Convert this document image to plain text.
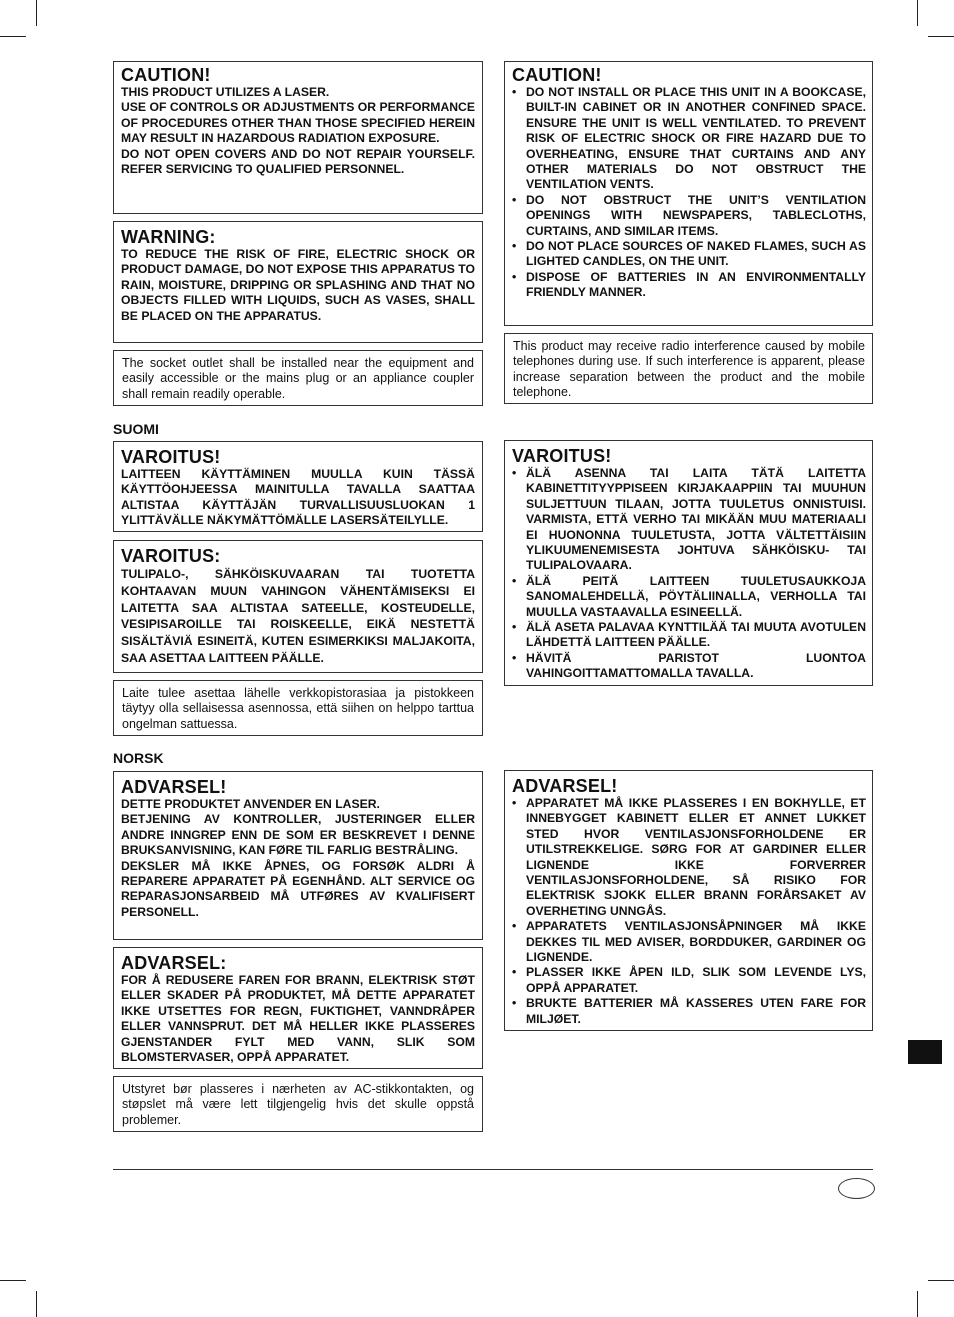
CAUTION!

THIS PRODUCT UTILIZES A LASER.

USE OF CONTROLS OR ADJUSTMENTS OR PERFORMANCE OF PROCEDURES OTHER THAN THOSE SPECIFIED HEREIN MAY RESULT IN HAZARDOUS RADIATION EXPOSURE.

DO NOT OPEN COVERS AND DO NOT REPAIR YOURSELF. REFER SERVICING TO QUALIFIED PERSONNEL.

WARNING:

TO REDUCE THE RISK OF FIRE, ELECTRIC SHOCK OR PRODUCT DAMAGE, DO NOT EXPOSE THIS APPARATUS TO RAIN, MOISTURE, DRIPPING OR SPLASHING AND THAT NO OBJECTS FILLED WITH LIQUIDS, SUCH AS VASES, SHALL BE PLACED ON THE APPARATUS.

The socket outlet shall be installed near the equipment and easily accessible or the mains plug or an appliance coupler shall remain readily operable.

CAUTION!
• DO NOT INSTALL OR PLACE THIS UNIT IN A BOOKCASE, BUILT-IN CABINET OR IN ANOTHER CONFINED SPACE. ENSURE THE UNIT IS WELL VENTILATED. TO PREVENT RISK OF ELECTRIC SHOCK OR FIRE HAZARD DUE TO OVERHEATING, ENSURE THAT CURTAINS AND ANY OTHER MATERIALS DO NOT OBSTRUCT THE VENTILATION VENTS.
• DO NOT OBSTRUCT THE UNIT’S VENTILATION OPENINGS WITH NEWSPAPERS, TABLECLOTHS, CURTAINS, AND SIMILAR ITEMS.
• DO NOT PLACE SOURCES OF NAKED FLAMES, SUCH AS LIGHTED CANDLES, ON THE UNIT.
• DISPOSE OF BATTERIES IN AN ENVIRONMENTALLY FRIENDLY MANNER.

This product may receive radio interference caused by mobile telephones during use. If such interference is apparent, please increase separation between the product and the mobile telephone.

SUOMI
VAROITUS!

LAITTEEN KÄYTTÄMINEN MUULLA KUIN TÄSSÄ KÄYTTÖOHJEESSA MAINITULLA TAVALLA SAATTAA ALTISTAA KÄYTTÄJÄN TURVALLISUUSLUOKAN 1 YLITTÄVÄLLE NÄKYMÄTTÖMÄLLE LASERSÄTEILYLLE.

VAROITUS:

TULIPALO-, SÄHKÖISKUVAARAN TAI TUOTETTA KOHTAAVAN MUUN VAHINGON VÄHENTÄMISEKSI EI LAITETTA SAA ALTISTAA SATEELLE, KOSTEUDELLE, VESIPISAROILLE TAI ROISKEELLE, EIKÄ NESTETTÄ SISÄLTÄVIÄ ESINEITÄ, KUTEN ESIMERKIKSI MALJAKOITA, SAA ASETTAA LAITTEEN PÄÄLLE.

Laite tulee asettaa lähelle verkkopistorasiaa ja pistokkeen täytyy olla sellaisessa asennossa, että siihen on helppo tarttua ongelman sattuessa.

VAROITUS!
• ÄLÄ ASENNA TAI LAITA TÄTÄ LAITETTA KABINETTITYYPPISEEN KIRJAKAAPPIIN TAI MUUHUN SULJETTUUN TILAAN, JOTTA TUULETUS ONNISTUISI. VARMISTA, ETTÄ VERHO TAI MIKÄÄN MUU MATERIAALI EI HUONONNA TUULETUSTA, JOTTA VÄLTETTÄISIIN YLIKUUMENEMISESTA JOHTUVA SÄHKÖISKU- TAI TULIPALOVAARA.
• ÄLÄ PEITÄ LAITTEEN TUULETUSAUKKOJA SANOMALEHDELLÄ, PÖYTÄLIINALLA, VERHOLLA TAI MUULLA VASTAAVALLA ESINEELLÄ.
• ÄLÄ ASETA PALAVAA KYNTTILÄÄ TAI MUUTA AVOTULEN LÄHDETTÄ LAITTEEN PÄÄLLE.
• HÄVITÄ PARISTOT LUONTOA VAHINGOITTAMATTOMALLA TAVALLA.
NORSK
ADVARSEL!

DETTE PRODUKTET ANVENDER EN LASER.

BETJENING AV KONTROLLER, JUSTERINGER ELLER ANDRE INNGREP ENN DE SOM ER BESKREVET I DENNE BRUKSANVISNING, KAN FØRE TIL FARLIG BESTRÅLING.

DEKSLER MÅ IKKE ÅPNES, OG FORSØK ALDRI Å REPARERE APPARATET PÅ EGENHÅND. ALT SERVICE OG REPARASJONSARBEID MÅ UTFØRES AV KVALIFISERT PERSONELL.

ADVARSEL:

FOR Å REDUSERE FAREN FOR BRANN, ELEKTRISK STØT ELLER SKADER PÅ PRODUKTET, MÅ DETTE APPARATET IKKE UTSETTES FOR REGN, FUKTIGHET, VANNDRÅPER ELLER VANNSPRUT. DET MÅ HELLER IKKE PLASSERES GJENSTANDER FYLT MED VANN, SLIK SOM BLOMSTERVASER, OPPÅ APPARATET.

Utstyret bør plasseres i nærheten av AC-stikkontakten, og støpslet må være lett tilgjengelig hvis det skulle oppstå problemer.

ADVARSEL!
• APPARATET MÅ IKKE PLASSERES I EN BOKHYLLE, ET INNEBYGGET KABINETT ELLER ET ANNET LUKKET STED HVOR VENTILASJONSFORHOLDENE ER UTILSTREKKELIGE. SØRG FOR AT GARDINER ELLER LIGNENDE IKKE FORVERRER VENTILASJONSFORHOLDENE, SÅ RISIKO FOR ELEKTRISK SJOKK ELLER BRANN FORÅRSAKET AV OVERHETING UNNGÅS.
• APPARATETS VENTILASJONSÅPNINGER MÅ IKKE DEKKES TIL MED AVISER, BORDDUKER, GARDINER OG LIGNENDE.
• PLASSER IKKE ÅPEN ILD, SLIK SOM LEVENDE LYS, OPPÅ APPARATET.
• BRUKTE BATTERIER MÅ KASSERES UTEN FARE FOR MILJØET.
